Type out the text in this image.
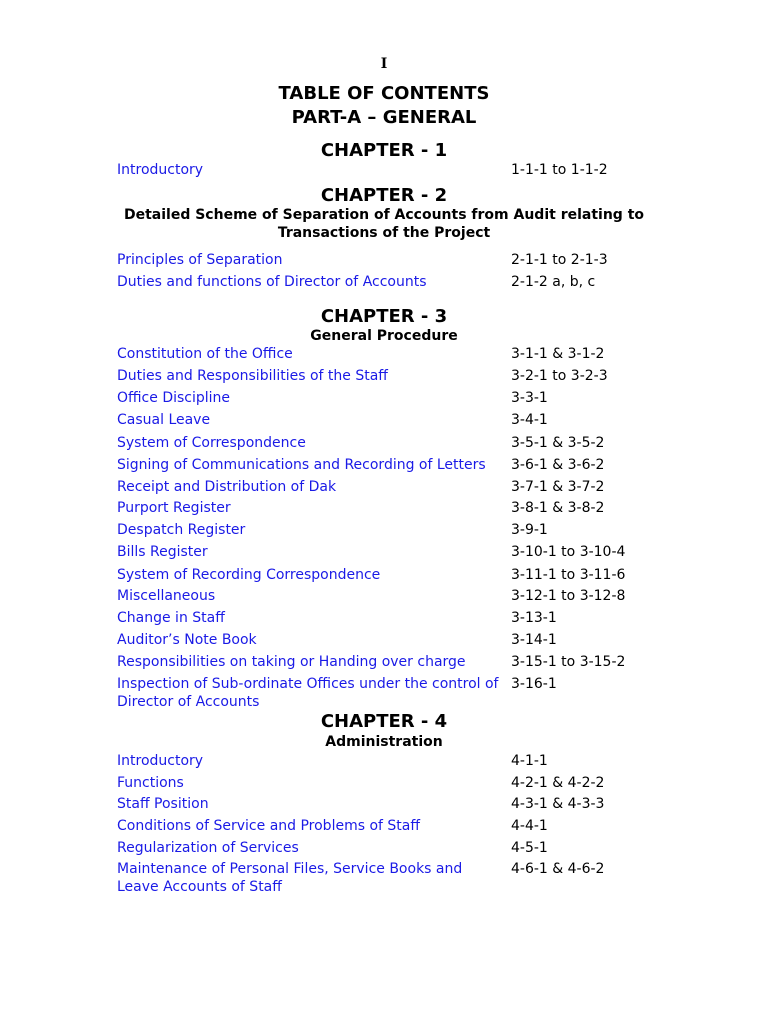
I
TABLE OF CONTENTS
PART-A – GENERAL
CHAPTER - 1
Introductory	1-1-1 to 1-1-2
CHAPTER - 2
Detailed Scheme of Separation of Accounts from Audit relating to Transactions of the Project
Principles of Separation	2-1-1 to 2-1-3
Duties and functions of Director of Accounts	2-1-2 a, b, c
CHAPTER - 3
General Procedure
Constitution of the Office	3-1-1 & 3-1-2
Duties and Responsibilities of the Staff	3-2-1 to 3-2-3
Office Discipline	3-3-1
Casual Leave	3-4-1
System of Correspondence	3-5-1 & 3-5-2
Signing of Communications and Recording of Letters	3-6-1 & 3-6-2
Receipt and Distribution of Dak	3-7-1 & 3-7-2
Purport Register	3-8-1 & 3-8-2
Despatch Register	3-9-1
Bills Register	3-10-1 to 3-10-4
System of Recording Correspondence	3-11-1 to 3-11-6
Miscellaneous	3-12-1 to 3-12-8
Change in Staff	3-13-1
Auditor’s Note Book	3-14-1
Responsibilities on taking or Handing over charge	3-15-1 to 3-15-2
Inspection of Sub-ordinate Offices under the control of Director of Accounts
3-16-1
CHAPTER - 4
Administration
Introductory	4-1-1
Functions	4-2-1 & 4-2-2
Staff Position	4-3-1 & 4-3-3
Conditions of Service and Problems of Staff	4-4-1
Regularization of Services	4-5-1
Maintenance of Personal Files, Service Books and Leave Accounts of Staff
4-6-1 & 4-6-2
